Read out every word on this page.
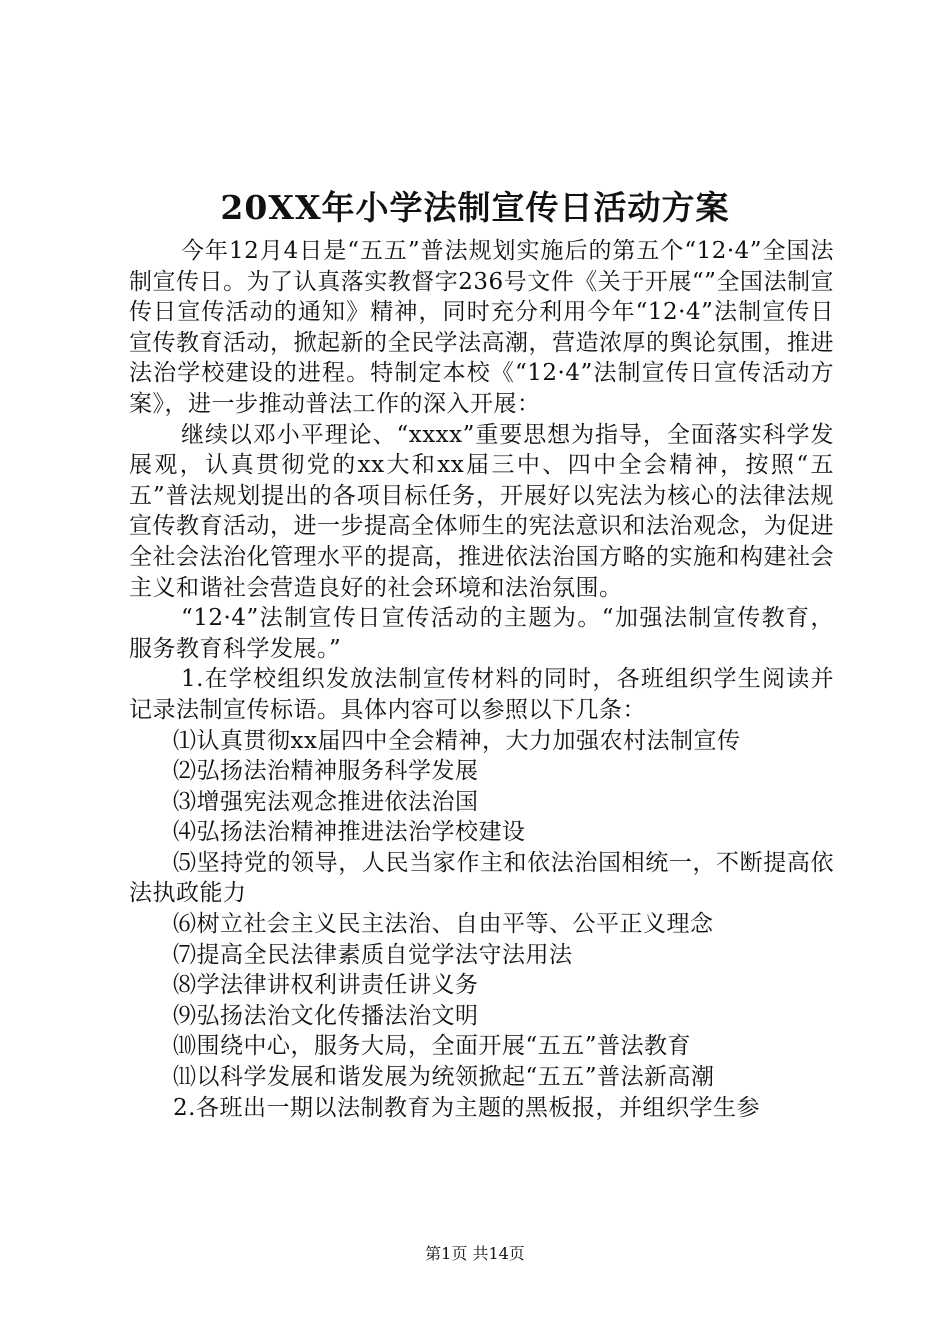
20XX年小学法制宣传日活动方案

今年12月4日是“五五”普法规划实施后的第五个“12·4”全国法制宣传日。为了认真落实教督字236号文件《关于开展“”全国法制宣传日宣传活动的通知》精神，同时充分利用今年“12·4”法制宣传日宣传教育活动，掀起新的全民学法高潮，营造浓厚的舆论氛围，推进法治学校建设的进程。特制定本校《“12·4”法制宣传日宣传活动方案》，进一步推动普法工作的深入开展：

继续以邓小平理论、“xxxx”重要思想为指导，全面落实科学发展观，认真贯彻党的xx大和xx届三中、四中全会精神，按照“五五”普法规划提出的各项目标任务，开展好以宪法为核心的法律法规宣传教育活动，进一步提高全体师生的宪法意识和法治观念，为促进全社会法治化管理水平的提高，推进依法治国方略的实施和构建社会主义和谐社会营造良好的社会环境和法治氛围。

“12·4”法制宣传日宣传活动的主题为。“加强法制宣传教育，服务教育科学发展。”

1.在学校组织发放法制宣传材料的同时，各班组织学生阅读并记录法制宣传标语。具体内容可以参照以下几条：

⑴认真贯彻xx届四中全会精神，大力加强农村法制宣传

⑵弘扬法治精神服务科学发展

⑶增强宪法观念推进依法治国

⑷弘扬法治精神推进法治学校建设

⑸坚持党的领导，人民当家作主和依法治国相统一，不断提高依法执政能力

⑹树立社会主义民主法治、自由平等、公平正义理念

⑺提高全民法律素质自觉学法守法用法

⑻学法律讲权利讲责任讲义务

⑼弘扬法治文化传播法治文明

⑽围绕中心，服务大局，全面开展“五五”普法教育

⑾以科学发展和谐发展为统领掀起“五五”普法新高潮

2.各班出一期以法制教育为主题的黑板报，并组织学生参

第1页 共14页
